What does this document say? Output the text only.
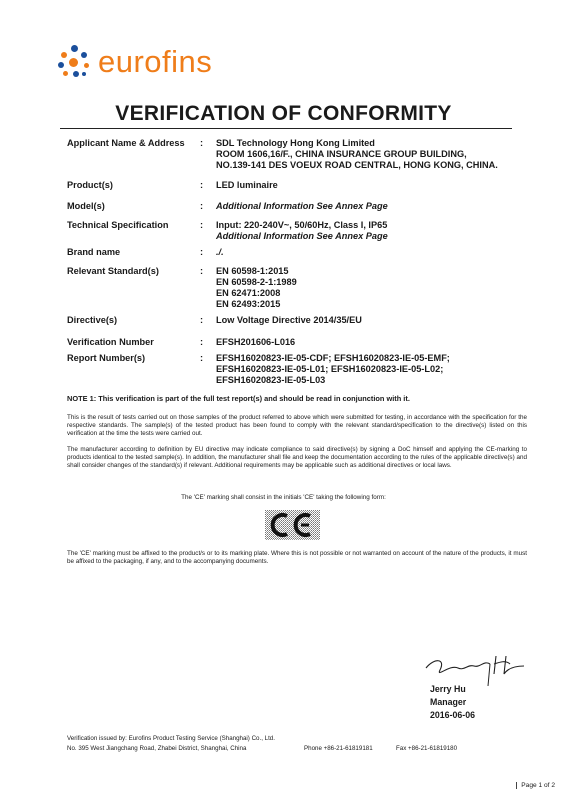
eurofins
VERIFICATION OF CONFORMITY
Applicant Name & Address	:	SDL Technology Hong Kong Limited
ROOM 1606,16/F., CHINA INSURANCE GROUP BUILDING,
NO.139-141 DES VOEUX ROAD CENTRAL, HONG KONG, CHINA.
Product(s)	:	LED luminaire
Model(s)	:	Additional Information See Annex Page
Technical Specification	:	Input: 220-240V~, 50/60Hz, Class I, IP65
Additional Information See Annex Page
Brand name	:	./.
Relevant Standard(s)	:	EN 60598-1:2015
EN 60598-2-1:1989
EN 62471:2008
EN 62493:2015
Directive(s)	:	Low Voltage Directive 2014/35/EU
Verification Number	:	EFSH201606-L016
Report Number(s)	:	EFSH16020823-IE-05-CDF; EFSH16020823-IE-05-EMF;
EFSH16020823-IE-05-L01; EFSH16020823-IE-05-L02;
EFSH16020823-IE-05-L03
NOTE 1: This verification is part of the full test report(s) and should be read in conjunction with it.
This is the result of tests carried out on those samples of the product referred to above which were submitted for testing, in accordance with the specification for the respective standards. The sample(s) of the tested product has been found to comply with the relevant standard/specification to the directive(s) listed on this verification at the time the tests were carried out.
The manufacturer according to definition by EU directive may indicate compliance to said directive(s) by signing a DoC himself and applying the CE-marking to products identical to the tested sample(s). In addition, the manufacturer shall file and keep the documentation according to the rules of the applicable directive(s) and shall consider changes of the standard(s) if relevant. Additional requirements may be applicable such as additional directives or local laws.
The 'CE' marking shall consist in the initials 'CE' taking the following form:
The 'CE' marking must be affixed to the product/s or to its marking plate. Where this is not possible or not warranted on account of the nature of the products, it must be affixed to the packaging, if any, and to the accompanying documents.
Jerry Hu
Manager
2016-06-06
Verification issued by: Eurofins Product Testing Service (Shanghai) Co., Ltd.
No. 395 West Jiangchang Road, Zhabei District, Shanghai, China	Phone +86-21-61819181	Fax +86-21-61819180
Page 1 of 2
